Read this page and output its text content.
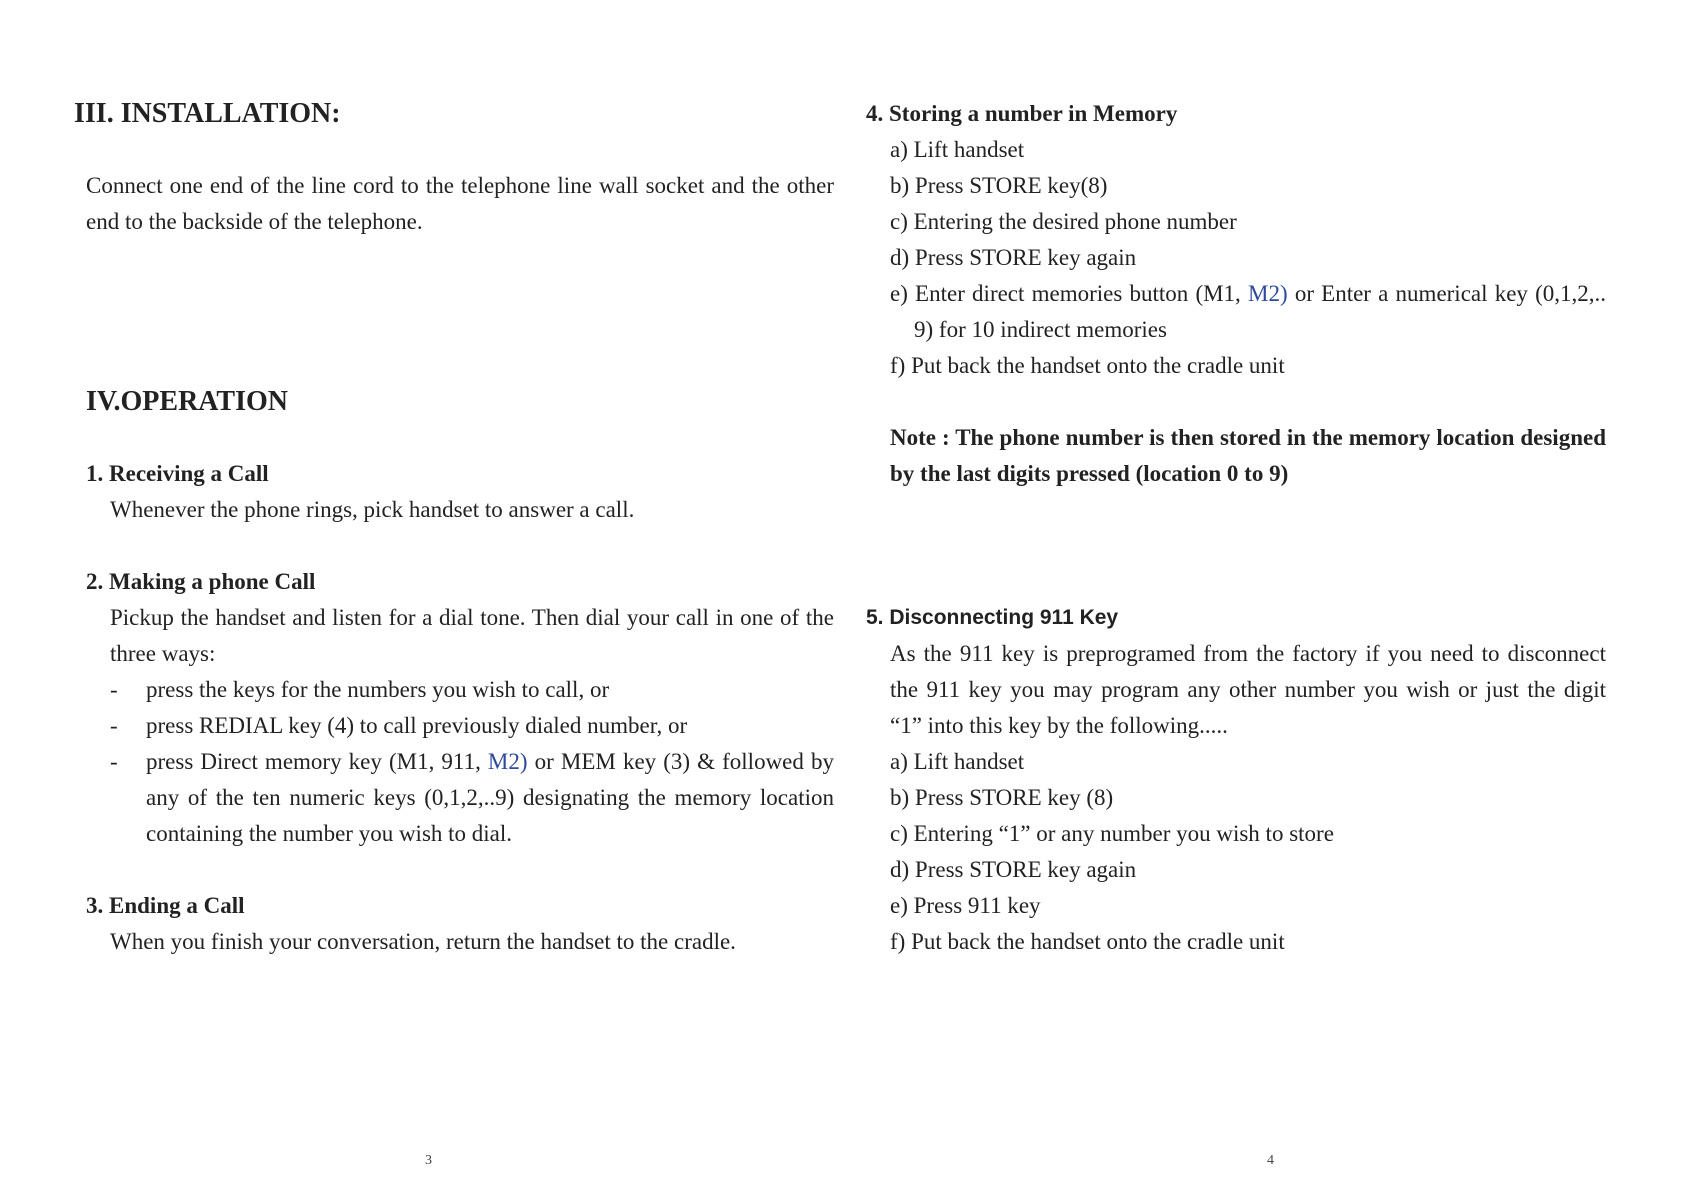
III. INSTALLATION:
Connect one end of the line cord to the telephone line wall socket and the other end to the backside of the telephone.
IV.OPERATION
1. Receiving a Call
Whenever the phone rings, pick handset to answer a call.
2. Making a phone Call
Pickup the handset and listen for a dial tone. Then dial your call in one of the three ways:
-	press the keys for the numbers you wish to call, or
-	press REDIAL key (4) to call previously dialed number, or
-	press Direct memory key (M1, 911, M2) or MEM key (3) & followed by any of the ten numeric keys (0,1,2,..9) designating the memory location containing the number you wish to dial.
3. Ending a Call
When you finish your conversation, return the handset to the cradle.
3
4. Storing a number in Memory
a) Lift handset
b) Press STORE key(8)
c) Entering the desired phone number
d) Press STORE key again
e) Enter direct memories button (M1, M2) or Enter a numerical key (0,1,2,.. 9) for 10 indirect memories
f) Put back the handset onto the cradle unit
Note : The phone number is then stored in the memory location designed by the last digits pressed (location 0 to 9)
5. Disconnecting 911 Key
As the 911 key is preprogramed from the factory if you need to disconnect the 911 key you may program any other number you wish or just the digit “1” into this key by the following.....
a) Lift handset
b) Press STORE key (8)
c) Entering “1” or any number you wish to store
d) Press STORE key again
e) Press 911 key
f) Put back the handset onto the cradle unit
4
